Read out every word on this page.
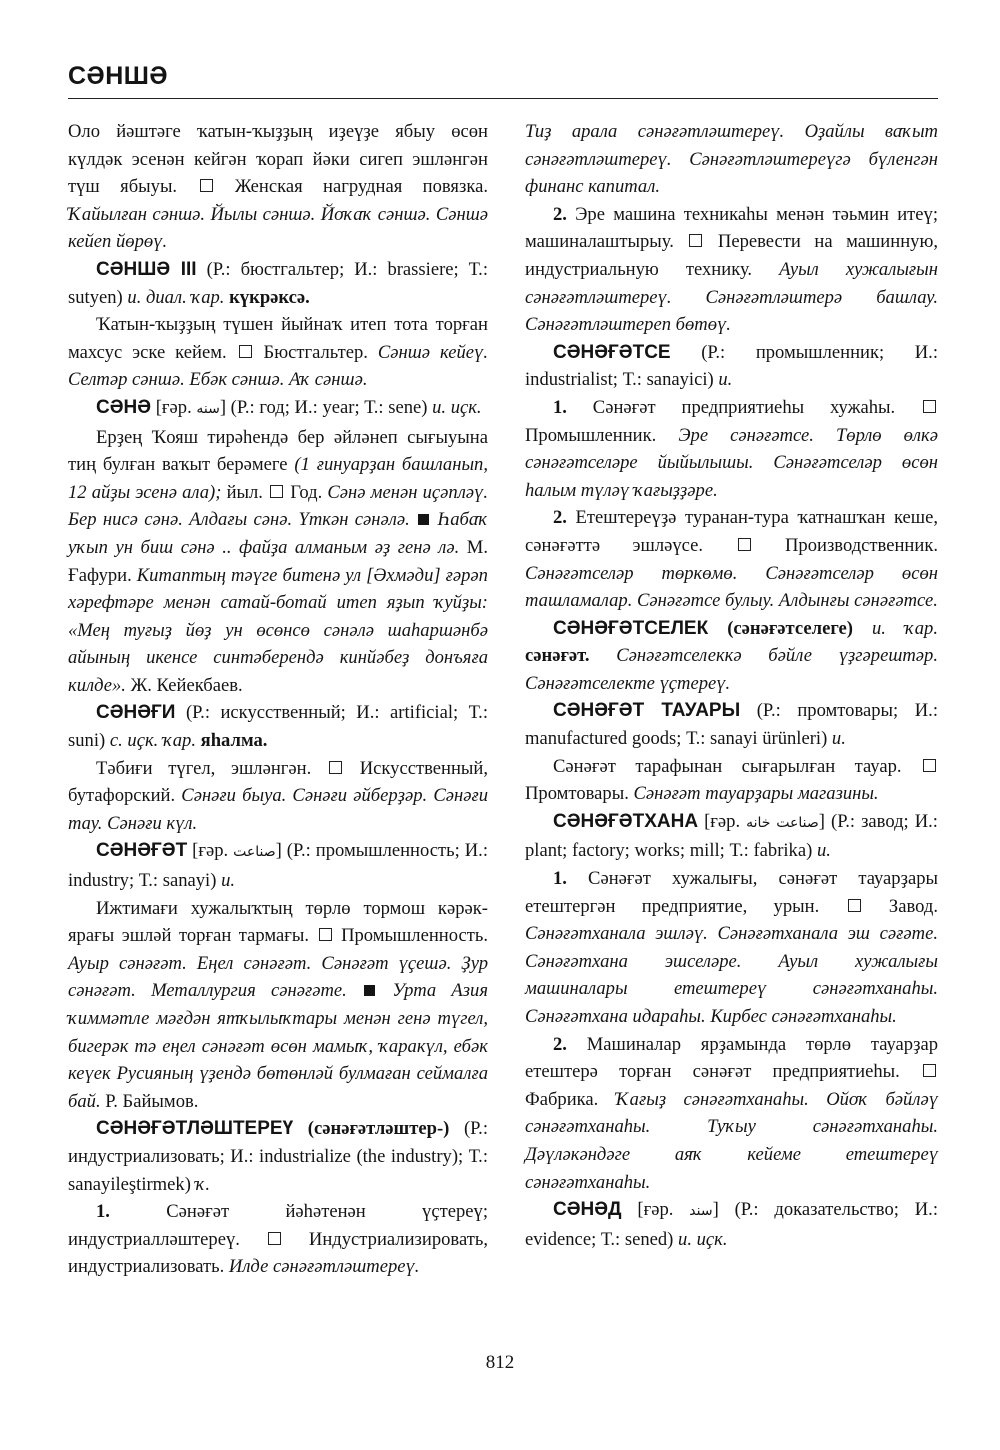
СӘНШӘ

Оло йәштәге ҡатын-ҡыҙҙың иҙеүҙе ябыу өсөн күлдәк эсенән кейгән ҡорап йәки сигеп эшләнгән түш ябыуы.	Женская нагрудная повязка. Ҡайылған сәншә. Йылы сәншә. Йоҡаҡ сәншә. Сәншә кейеп йөрөү.

СӘНШӘ III (Р.: бюстгальтер; И.: brassiere; Т.: sutyen) и. диал. ҡар. күкрәксә.

Ҡатын-ҡыҙҙың түшен йыйнаҡ итеп тота торған махсус эске кейем. Бюстгальтер. Сәншә кейеү. Селтәр сәншә. Ебәк сәншә. Аҡ сәншә.

СӘНӘ [ғәр. سنه] (Р.: год; И.: year; Т.: sene) и. иҫк.

Ерҙең Ҡояш тирәһендә бер әйләнеп сығыуына тиң булған ваҡыт берәмеге (1 ғинуарҙан башланып, 12 айҙы эсенә ала); йыл. Год. Сәнә менән иҫәпләү. Бер нисә сәнә. Алдағы сәнә. Үткән сәнәлә. Һабаҡ уҡып ун биш сәнә .. файҙа алманым әҙ генә лә. М. Ғафури. Китаптың тәүге битенә ул [Әхмәди] ғәрәп хәрефтәре менән сатай-ботай итеп яҙып ҡуйҙы: «Мең туғыҙ йөҙ ун өсөнсө сәнәлә шаһаршәнбә айының икенсе синтәберендә кинйәбеҙ донъяға килде». Ж. Кейекбаев.

СӘНӘҒИ (Р.: искусственный; И.: artificial; Т.: suni) с. иҫк. ҡар. яһалма.

Тәбиғи түгел, эшләнгән.	Искусственный, бутафорский. Сәнәғи быуа. Сәнәғи әйберҙәр. Сәнәғи тау. Сәнәғи күл.

СӘНӘҒӘТ [ғәр. صناعت] (Р.: промышленность; И.: industry; Т.: sanayi) и.

Ижтимағи хужалыҡтың төрлө тормош кәрәк-ярағы эшләй торған тармағы. Промышленность. Ауыр сәнәғәт. Еңел сәнәғәт. Сәнәғәт үҫешә. Ҙур сәнәғәт. Металлургия сәнәғәте. Урта Азия ҡиммәтле мәғдән ятҡылыҡтары менән генә түгел, бигерәк тә еңел сәнәғәт өсөн мамыҡ, ҡаракүл, ебәк кеүек Русияның үҙендә бөтөнләй булмаған сеймалға бай. Р. Байымов.

СӘНӘҒӘТЛӘШТЕРЕҮ (сәнәғәтләштер-) (Р.: индустриализовать; И.: industrialize (the industry); Т.: sanayileştirmek) ҡ.

1. Сәнәғәт йәһәтенән үҫтереү; индустриалләштереү.	Индустриализировать, индустриализовать. Илде сәнәғәтләштереү.

Тиҙ арала сәнәғәтләштереү. Оҙайлы ваҡыт сәнәғәтләштереү. Сәнәғәтләштереүгә бүленгән финанс капитал.

2. Эре машина техникаһы менән тәьмин итеү; машиналаштырыу. Перевести на машинную, индустриальную технику. Ауыл хужалығын сәнәғәтләштереү. Сәнәғәтләштерә башлау. Сәнәғәтләштереп бөтөү.

СӘНӘҒӘТСЕ (Р.: промышленник; И.: industrialist; Т.: sanayici) и.

1. Сәнәғәт предприятиеһы хужаһы.  Промышленник. Эре сәнәғәтсе. Төрлө өлкә сәнәғәтселәре йыйылышы. Сәнәғәтселәр өсөн һалым түләү ҡағыҙҙәре.

2. Етештереүҙә туранан-тура ҡатнашҡан кеше, сәнәғәттә эшләүсе.	Производственник. Сәнәғәтселәр төркөмө. Сәнәғәтселәр өсөн ташламалар. Сәнәғәтсе булыу. Алдынғы сәнәғәтсе.

СӘНӘҒӘТСЕЛЕК (сәнәғәтселеге) и. ҡар. сәнәғәт. Сәнәғәтселеккә бәйле үҙгәрештәр. Сәнәғәтселекте үҫтереү.

СӘНӘҒӘТ ТАУАРЫ (Р.: промтовары; И.: manufactured goods; Т.: sanayi ürünleri) и.

Сәнәғәт тарафынан сығарылған тауар.  Промтовары. Сәнәғәт тауарҙары магазины.

СӘНӘҒӘТХАНА [ғәр. صناعت خانه] (Р.: завод; И.: plant; factory; works; mill; Т.: fabrika) и.

1. Сәнәғәт хужалығы, сәнәғәт тауарҙары етештергән предприятие, урын.	Завод. Сәнәғәтханала эшләү. Сәнәғәтханала эш сәғәте. Сәнәғәтхана эшселәре. Ауыл хужалығы машиналары етештереү сәнәғәтханаһы. Сәнәғәтхана идараһы. Кирбес сәнәғәтханаһы.

2. Машиналар ярҙамында төрлө тауарҙар етештерә торған сәнәғәт предприятиеһы.  Фабрика. Ҡағыҙ сәнәғәтханаһы. Ойоҡ бәйләү сәнәғәтханаһы. Туҡыу сәнәғәтханаһы. Дәүләкәндәге аяҡ кейеме етештереү сәнәғәтханаһы.

СӘНӘД [ғәр. سند] (Р.: доказательство; И.: evidence; Т.: sened) и. иҫк.

812
